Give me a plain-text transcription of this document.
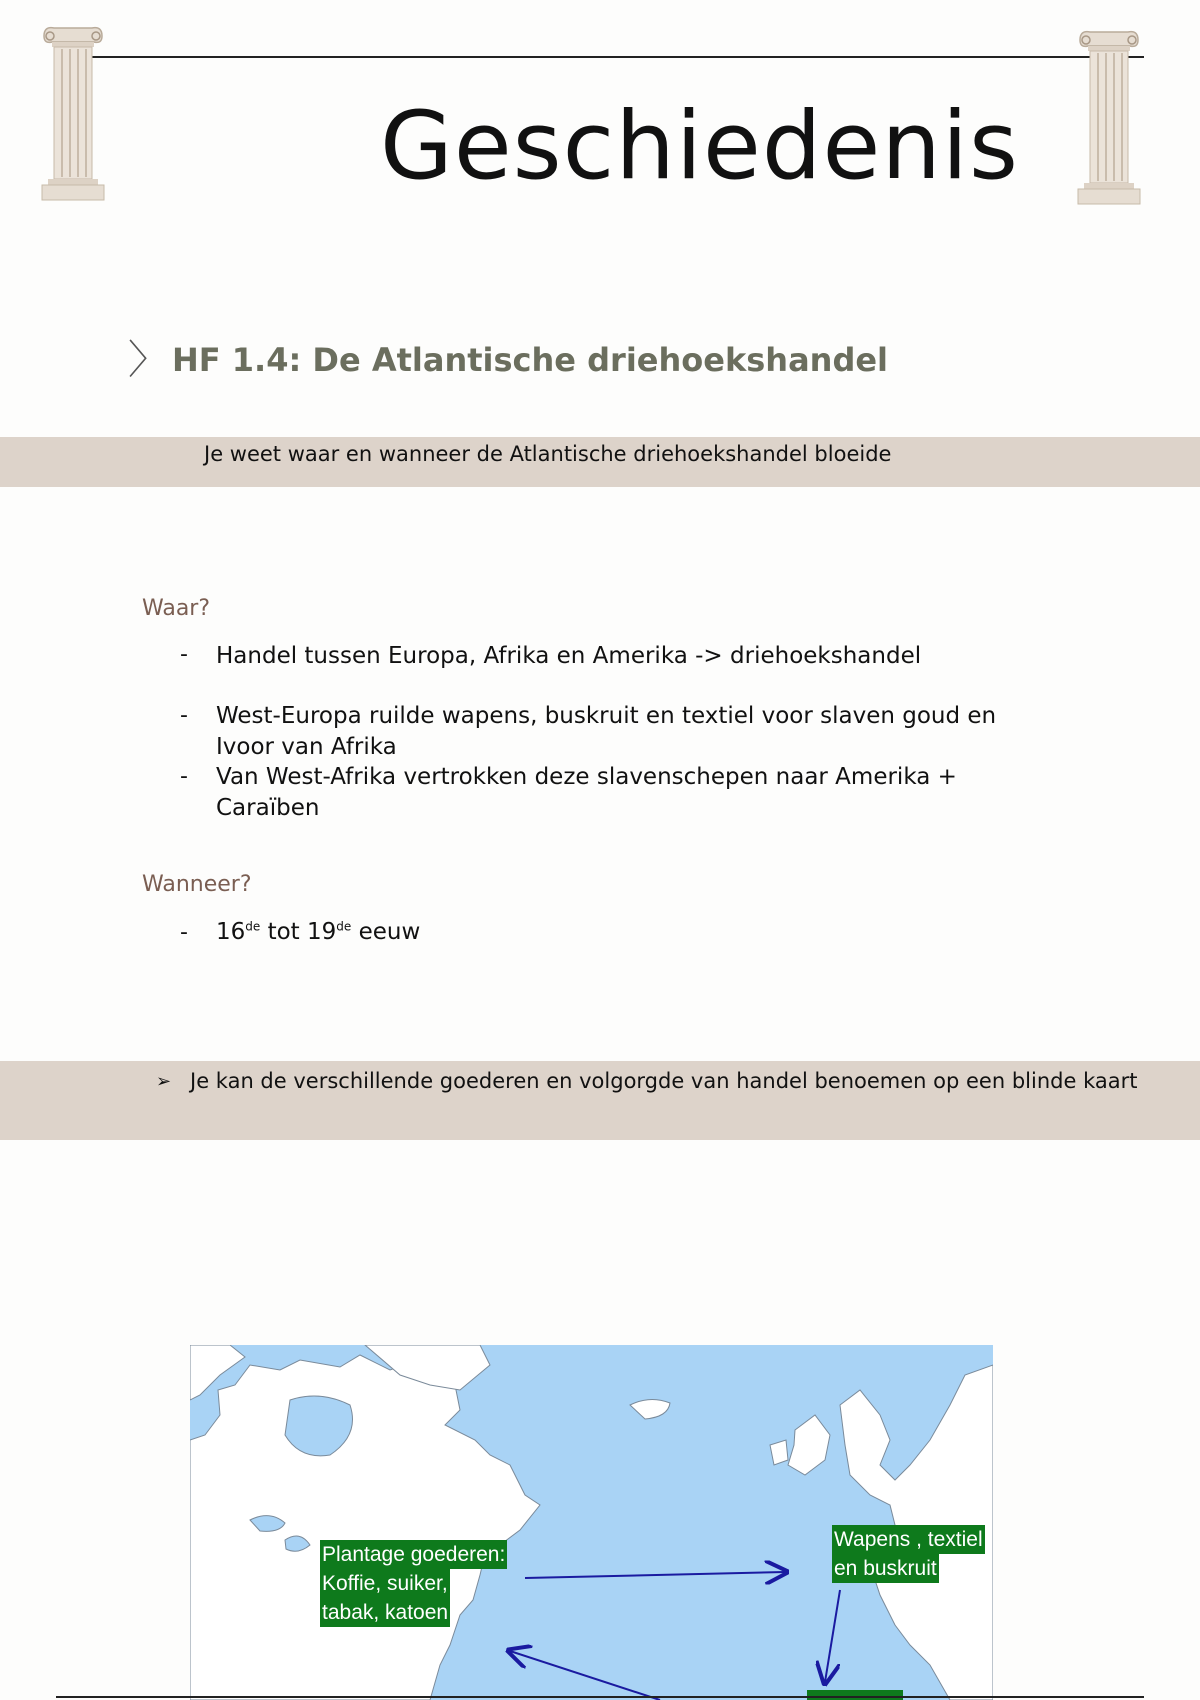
Geschiedenis
〉 HF 1.4: De Atlantische driehoekshandel
Je weet waar en wanneer de Atlantische driehoekshandel bloeide
Waar?
- Handel tussen Europa, Afrika en Amerika -> driehoekshandel
- West-Europa ruilde wapens, buskruit en textiel voor slaven goud en
Ivoor van Afrika
- Van West-Afrika vertrokken deze slavenschepen naar Amerika +
Caraïben
Wanneer?
- 16de tot 19de eeuw
➢ Je kan de verschillende goederen en volgorgde van handel benoemen op een blinde kaart
Plantage goederen:
Koffie, suiker,
tabak, katoen
Wapens , textiel
en buskruit
